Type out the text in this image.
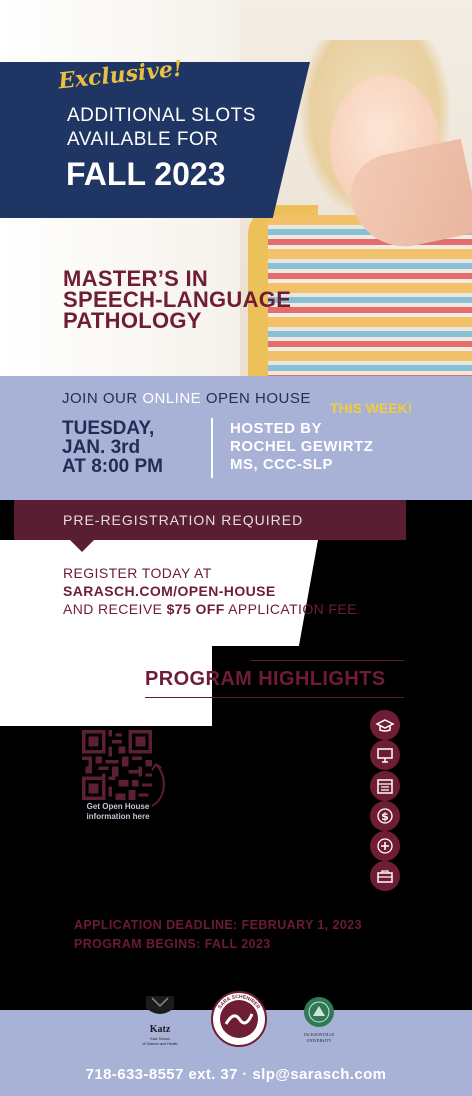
Exclusive!
ADDITIONAL SLOTS
AVAILABLE FOR
FALL 2023
MASTER’S IN
SPEECH-LANGUAGE
PATHOLOGY
JOIN OUR ONLINE OPEN HOUSE
THIS WEEK!
TUESDAY,
JAN. 3rd
AT 8:00 PM
HOSTED BY
ROCHEL GEWIRTZ
MS, CCC-SLP
PRE-REGISTRATION REQUIRED
REGISTER TODAY AT
SARASCH.COM/OPEN-HOUSE
AND RECEIVE $75 OFF APPLICATION FEE
PROGRAM HIGHLIGHTS
Get Open House
information here	$
APPLICATION DEADLINE: FEBRUARY 1, 2023
PROGRAM BEGINS: FALL 2023
Katz
Katz School
of Science and Health
SARA SCHENIRER
JACKSONVILLE
UNIVERSITY
718-633-8557 ext. 37 · slp@sarasch.com
